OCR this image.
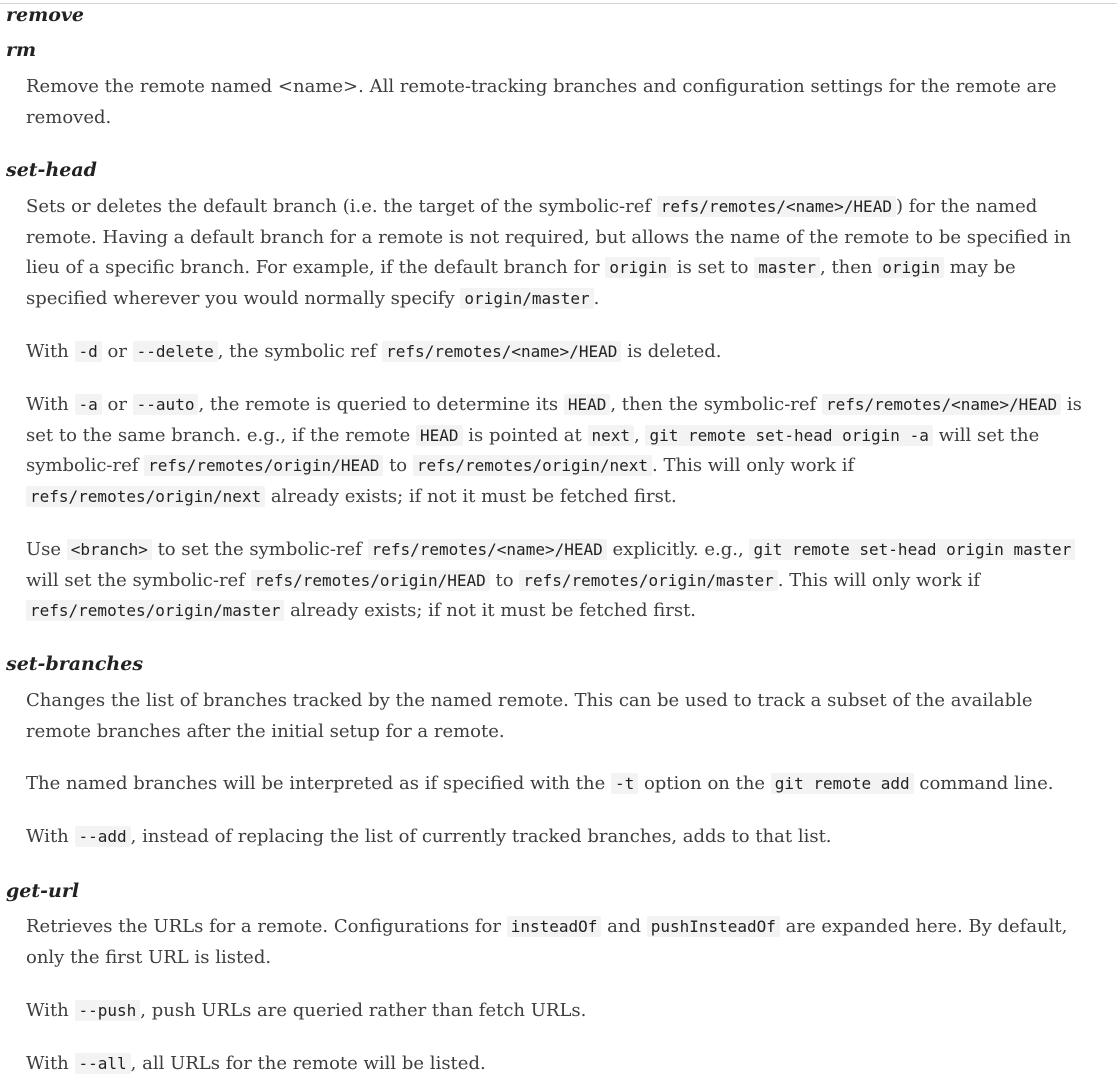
remove
rm
Remove the remote named <name>. All remote-tracking branches and configuration settings for the remote are removed.
set-head
Sets or deletes the default branch (i.e. the target of the symbolic-ref refs/remotes/<name>/HEAD ) for the named remote. Having a default branch for a remote is not required, but allows the name of the remote to be specified in lieu of a specific branch. For example, if the default branch for origin is set to master , then origin may be specified wherever you would normally specify origin/master .
With -d or --delete , the symbolic ref refs/remotes/<name>/HEAD is deleted.
With -a or --auto , the remote is queried to determine its HEAD , then the symbolic-ref refs/remotes/<name>/HEAD is set to the same branch. e.g., if the remote HEAD is pointed at next , git remote set-head origin -a will set the symbolic-ref refs/remotes/origin/HEAD to refs/remotes/origin/next . This will only work if refs/remotes/origin/next already exists; if not it must be fetched first.
Use <branch> to set the symbolic-ref refs/remotes/<name>/HEAD explicitly. e.g., git remote set-head origin master will set the symbolic-ref refs/remotes/origin/HEAD to refs/remotes/origin/master . This will only work if refs/remotes/origin/master already exists; if not it must be fetched first.
set-branches
Changes the list of branches tracked by the named remote. This can be used to track a subset of the available remote branches after the initial setup for a remote.
The named branches will be interpreted as if specified with the -t option on the git remote add command line.
With --add , instead of replacing the list of currently tracked branches, adds to that list.
get-url
Retrieves the URLs for a remote. Configurations for insteadOf and pushInsteadOf are expanded here. By default, only the first URL is listed.
With --push , push URLs are queried rather than fetch URLs.
With --all , all URLs for the remote will be listed.
